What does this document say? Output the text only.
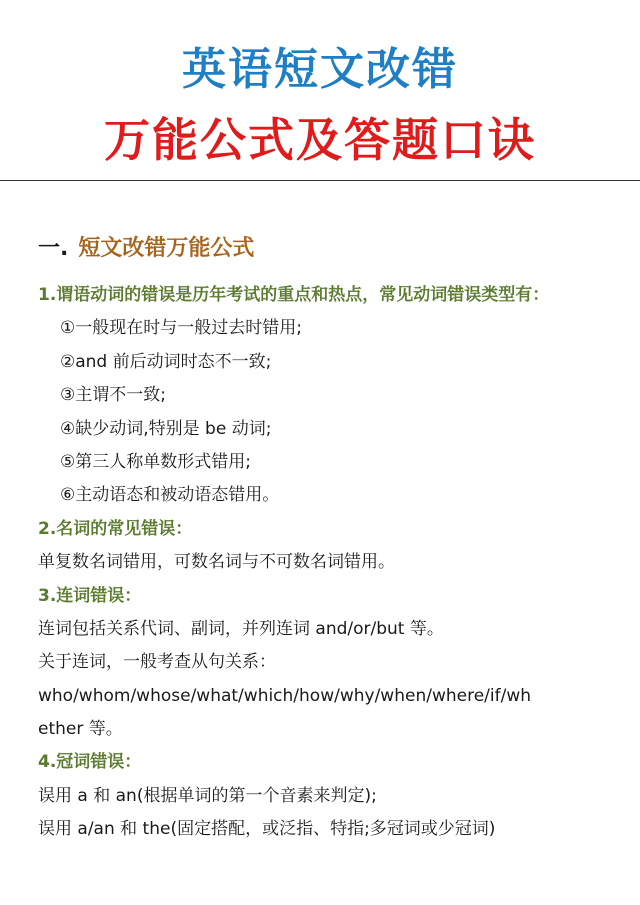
英语短文改错
万能公式及答题口诀
一. 短文改错万能公式
1.谓语动词的错误是历年考试的重点和热点，常见动词错误类型有：
①一般现在时与一般过去时错用;
②and 前后动词时态不一致;
③主谓不一致;
④缺少动词,特别是 be 动词;
⑤第三人称单数形式错用;
⑥主动语态和被动语态错用。
2.名词的常见错误：
单复数名词错用，可数名词与不可数名词错用。
3.连词错误：
连词包括关系代词、副词，并列连词 and/or/but 等。
关于连词，一般考查从句关系：
who/whom/whose/what/which/how/why/when/where/if/wh
ether 等。
4.冠词错误：
误用 a 和 an(根据单词的第一个音素来判定);
误用 a/an 和 the(固定搭配，或泛指、特指;多冠词或少冠词)
